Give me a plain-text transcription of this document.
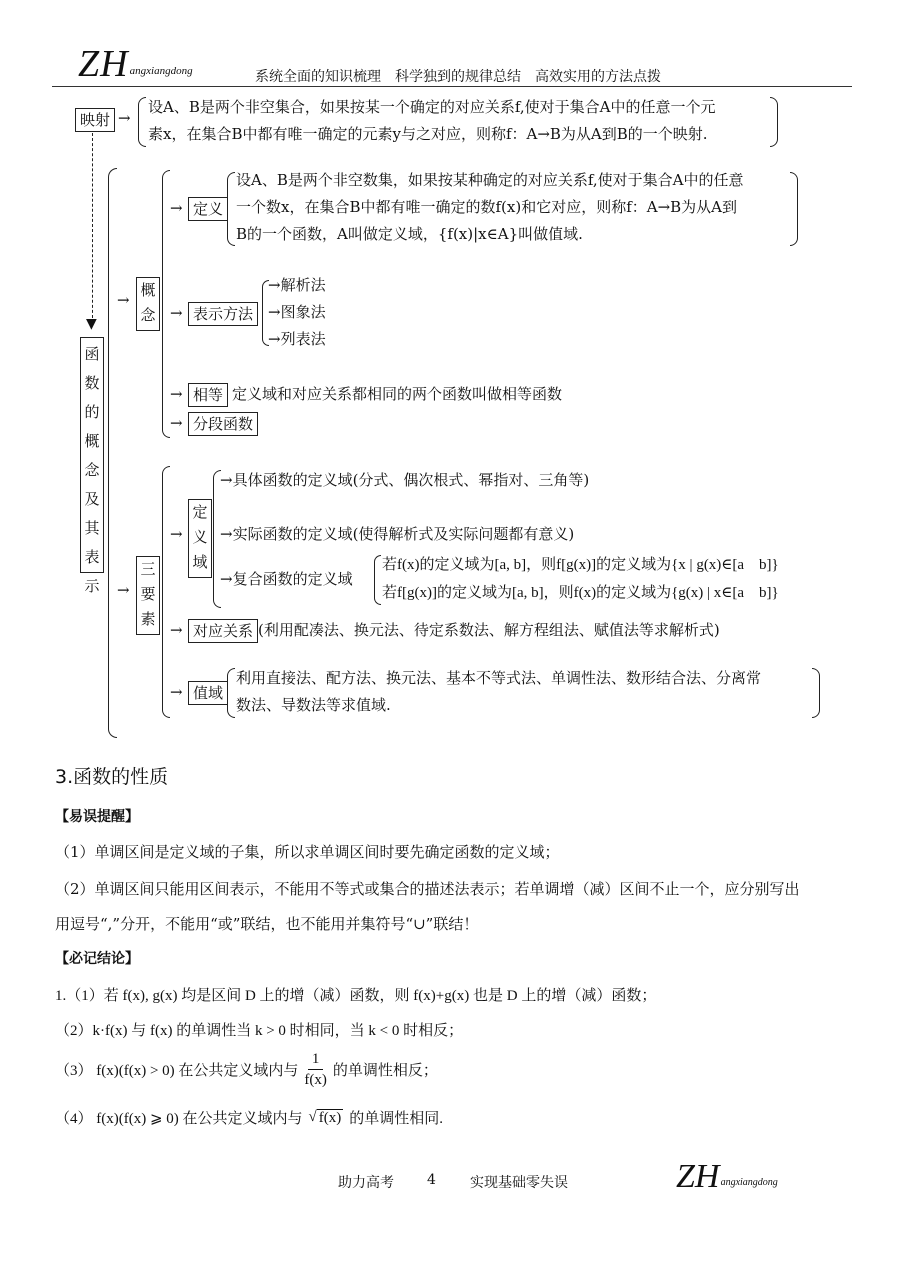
ZH angxiangdong	系统全面的知识梳理　科学独到的规律总结　高效实用的方法点拨
映射 →
设A、B是两个非空集合，如果按某一个确定的对应关系f,使对于集合A中的任意一个元
素x，在集合B中都有唯一确定的元素y与之对应，则称f：A→B为从A到B的一个映射.
▼
函数的概念及其表示
→
概念
→ 定义
设A、B是两个非空数集，如果按某种确定的对应关系f,使对于集合A中的任意
一个数x，在集合B中都有唯一确定的数f(x)和它对应，则称f：A→B为从A到
B的一个函数，A叫做定义域，{f(x)|x∈A}叫做值域.
→ 表示方法
→解析法
→图象法
→列表法
→ 相等 定义域和对应关系都相同的两个函数叫做相等函数
→ 分段函数
→
三要素
→
定义域
→具体函数的定义域(分式、偶次根式、幂指对、三角等)
→实际函数的定义域(使得解析式及实际问题都有意义)
→复合函数的定义域
若f(x)的定义域为[a, b]，则f[g(x)]的定义域为{x | g(x)∈[a　b]}
若f[g(x)]的定义域为[a, b]，则f(x)的定义域为{g(x) | x∈[a　b]}
→ 对应关系 (利用配凑法、换元法、待定系数法、解方程组法、赋值法等求解析式)
→ 值域
利用直接法、配方法、换元法、基本不等式法、单调性法、数形结合法、分离常
数法、导数法等求值域.
3.函数的性质
【易误提醒】
（1）单调区间是定义域的子集，所以求单调区间时要先确定函数的定义域；
（2）单调区间只能用区间表示，不能用不等式或集合的描述法表示；若单调增（减）区间不止一个，应分别写出
用逗号“,”分开，不能用“或”联结，也不能用并集符号“∪”联结！
【必记结论】
1.（1）若 f(x), g(x) 均是区间 D 上的增（减）函数，则 f(x)+g(x) 也是 D 上的增（减）函数；
（2）k·f(x) 与 f(x) 的单调性当 k > 0 时相同，当 k < 0 时相反；
（3） f(x)(f(x) > 0) 在公共定义域内与 $\frac{1}{f(x)}$ 的单调性相反；
（4） f(x)(f(x) ⩾ 0) 在公共定义域内与 √ f(x) 的单调性相同.
助力高考 4 实现基础零失误	ZH angxiangdong
